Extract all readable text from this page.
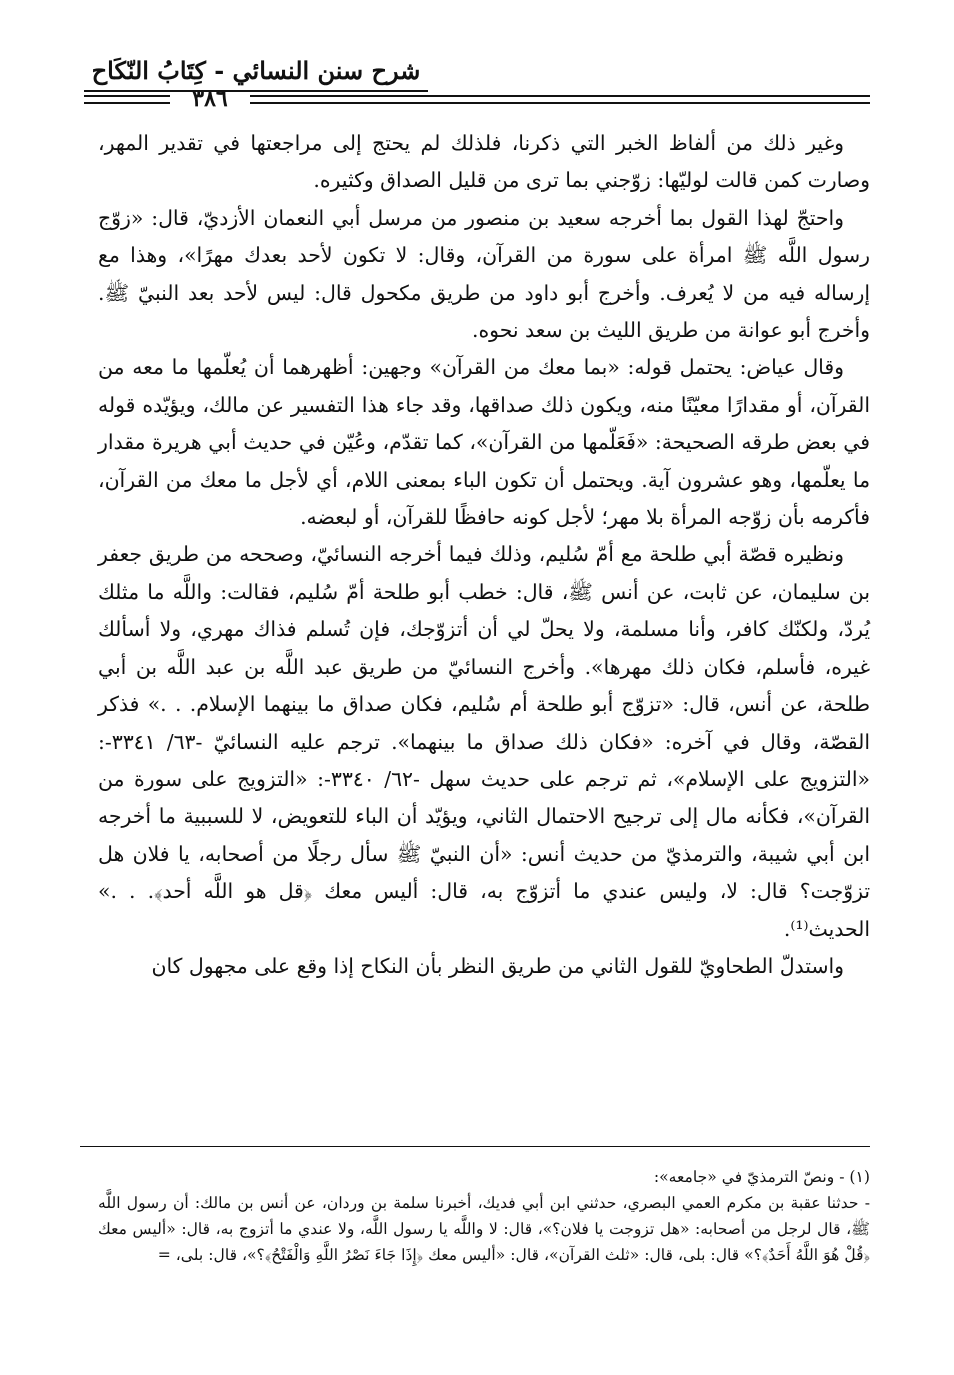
شرح سنن النسائي - كِتَابُ النّكَاح
٣٨٦

وغير ذلك من ألفاظ الخبر التي ذكرنا، فلذلك لم يحتج إلى مراجعتها في تقدير المهر، وصارت كمن قالت لوليّها: زوّجني بما ترى من قليل الصداق وكثيره.

واحتجّ لهذا القول بما أخرجه سعيد بن منصور من مرسل أبي النعمان الأزديّ، قال: «زوّج رسول اللَّه ﷺ امرأة على سورة من القرآن، وقال: لا تكون لأحد بعدك مهرًا»، وهذا مع إرساله فيه من لا يُعرف. وأخرج أبو داود من طريق مكحول قال: ليس لأحد بعد النبيّ ﷺ. وأخرج أبو عوانة من طريق الليث بن سعد نحوه.

وقال عياض: يحتمل قوله: «بما معك من القرآن» وجهين: أظهرهما أن يُعلّمها ما معه من القرآن، أو مقدارًا معيّنًا منه، ويكون ذلك صداقها، وقد جاء هذا التفسير عن مالك، ويؤيّده قوله في بعض طرقه الصحيحة: «فَعَلّمها من القرآن»، كما تقدّم، وعُيّن في حديث أبي هريرة مقدار ما يعلّمها، وهو عشرون آية. ويحتمل أن تكون الباء بمعنى اللام، أي لأجل ما معك من القرآن، فأكرمه بأن زوّجه المرأة بلا مهر؛ لأجل كونه حافظًا للقرآن، أو لبعضه.

ونظيره قصّة أبي طلحة مع أمّ سُليم، وذلك فيما أخرجه النسائيّ، وصححه من طريق جعفر بن سليمان، عن ثابت، عن أنس ﷺ، قال: خطب أبو طلحة أمّ سُليم، فقالت: واللَّه ما مثلك يُردّ، ولكنّك كافر، وأنا مسلمة، ولا يحلّ لي أن أتزوّجك، فإن تُسلم فذاك مهري، ولا أسألك غيره، فأسلم، فكان ذلك مهرها». وأخرج النسائيّ من طريق عبد اللَّه بن عبد اللَّه بن أبي طلحة، عن أنس، قال: «تزوّج أبو طلحة أم سُليم، فكان صداق ما بينهما الإسلام. . .» فذكر القصّة، وقال في آخره: «فكان ذلك صداق ما بينهما». ترجم عليه النسائيّ -٦٣/ ٣٣٤١-: «التزويج على الإسلام»، ثم ترجم على حديث سهل -٦٢/ ٣٣٤٠-: «التزويج على سورة من القرآن»، فكأنه مال إلى ترجيح الاحتمال الثاني، ويؤيّد أن الباء للتعويض، لا للسببية ما أخرجه ابن أبي شيبة، والترمذيّ من حديث أنس: «أن النبيّ ﷺ سأل رجلًا من أصحابه، يا فلان هل تزوّجت؟ قال: لا، وليس عندي ما أتزوّج به، قال: أليس معك ﴿قل هو اللَّه أحد﴾. . .» الحديث⁽¹⁾.

واستدلّ الطحاويّ للقول الثاني من طريق النظر بأن النكاح إذا وقع على مجهول كان

(١) - ونصّ الترمذيّ في «جامعه»:

- حدثنا عقبة بن مكرم العمي البصري، حدثني ابن أبي فديك، أخبرنا سلمة بن وردان، عن أنس بن مالك: أن رسول اللَّه ﷺ، قال لرجل من أصحابه: «هل تزوجت يا فلان؟»، قال: لا واللَّه يا رسول اللَّه، ولا عندي ما أتزوج به، قال: «أليس معك ﴿قُلْ هُوَ اللَّهُ أَحَدٌ﴾؟» قال: بلى، قال: «ثلث القرآن»، قال: «أليس معك ﴿إِذَا جَاءَ نَصْرُ اللَّهِ وَالْفَتْحُ﴾؟»، قال: بلى، =
